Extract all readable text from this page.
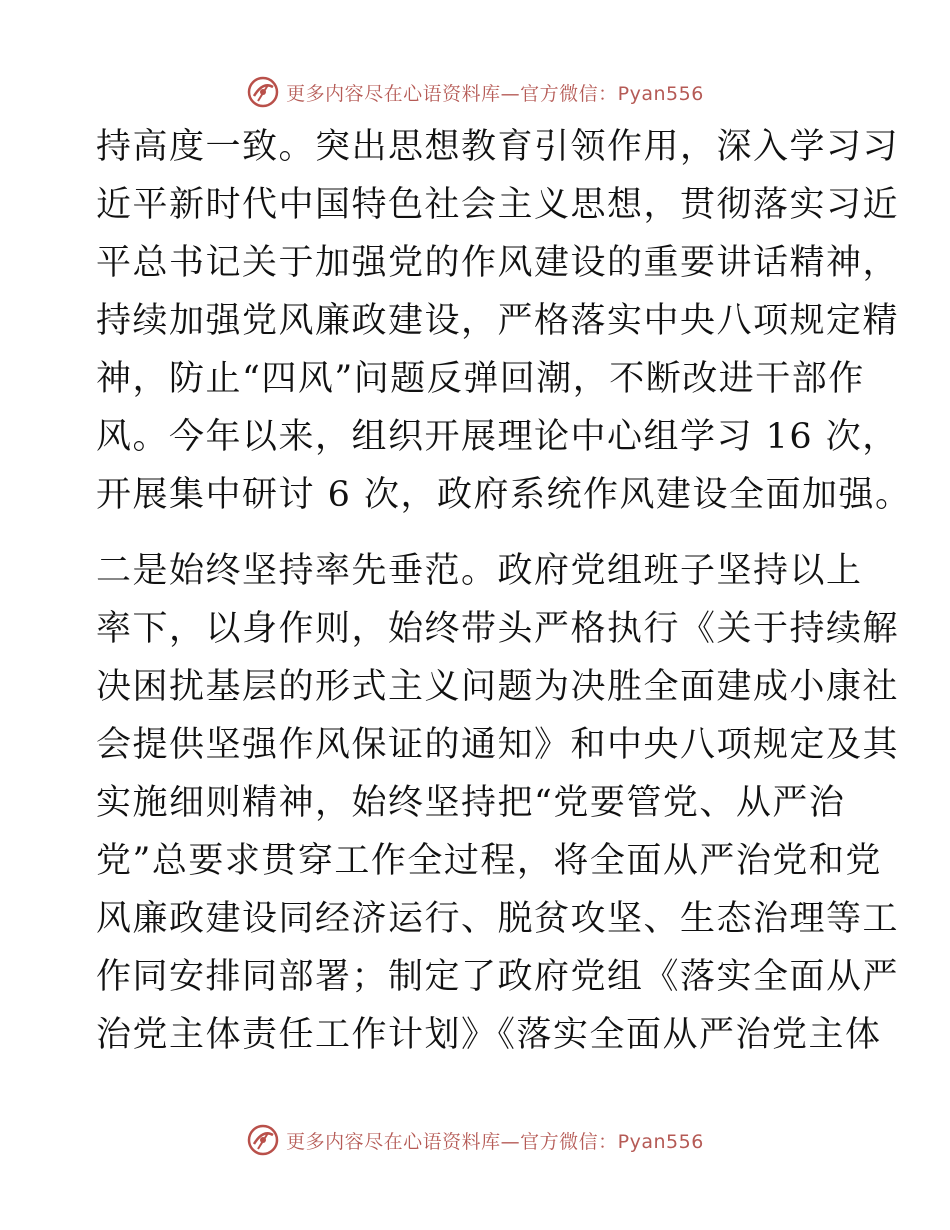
更多内容尽在心语资料库—官方微信：Pyan556
持高度一致。突出思想教育引领作用，深入学习习
近平新时代中国特色社会主义思想，贯彻落实习近
平总书记关于加强党的作风建设的重要讲话精神，
持续加强党风廉政建设，严格落实中央八项规定精
神，防止“四风”问题反弹回潮，不断改进干部作
风。今年以来，组织开展理论中心组学习 16 次，
开展集中研讨 6 次，政府系统作风建设全面加强。
二是始终坚持率先垂范。政府党组班子坚持以上
率下，以身作则，始终带头严格执行《关于持续解
决困扰基层的形式主义问题为决胜全面建成小康社
会提供坚强作风保证的通知》和中央八项规定及其
实施细则精神，始终坚持把“党要管党、从严治
党”总要求贯穿工作全过程，将全面从严治党和党
风廉政建设同经济运行、脱贫攻坚、生态治理等工
作同安排同部署；制定了政府党组《落实全面从严
治党主体责任工作计划》《落实全面从严治党主体
更多内容尽在心语资料库—官方微信：Pyan556
